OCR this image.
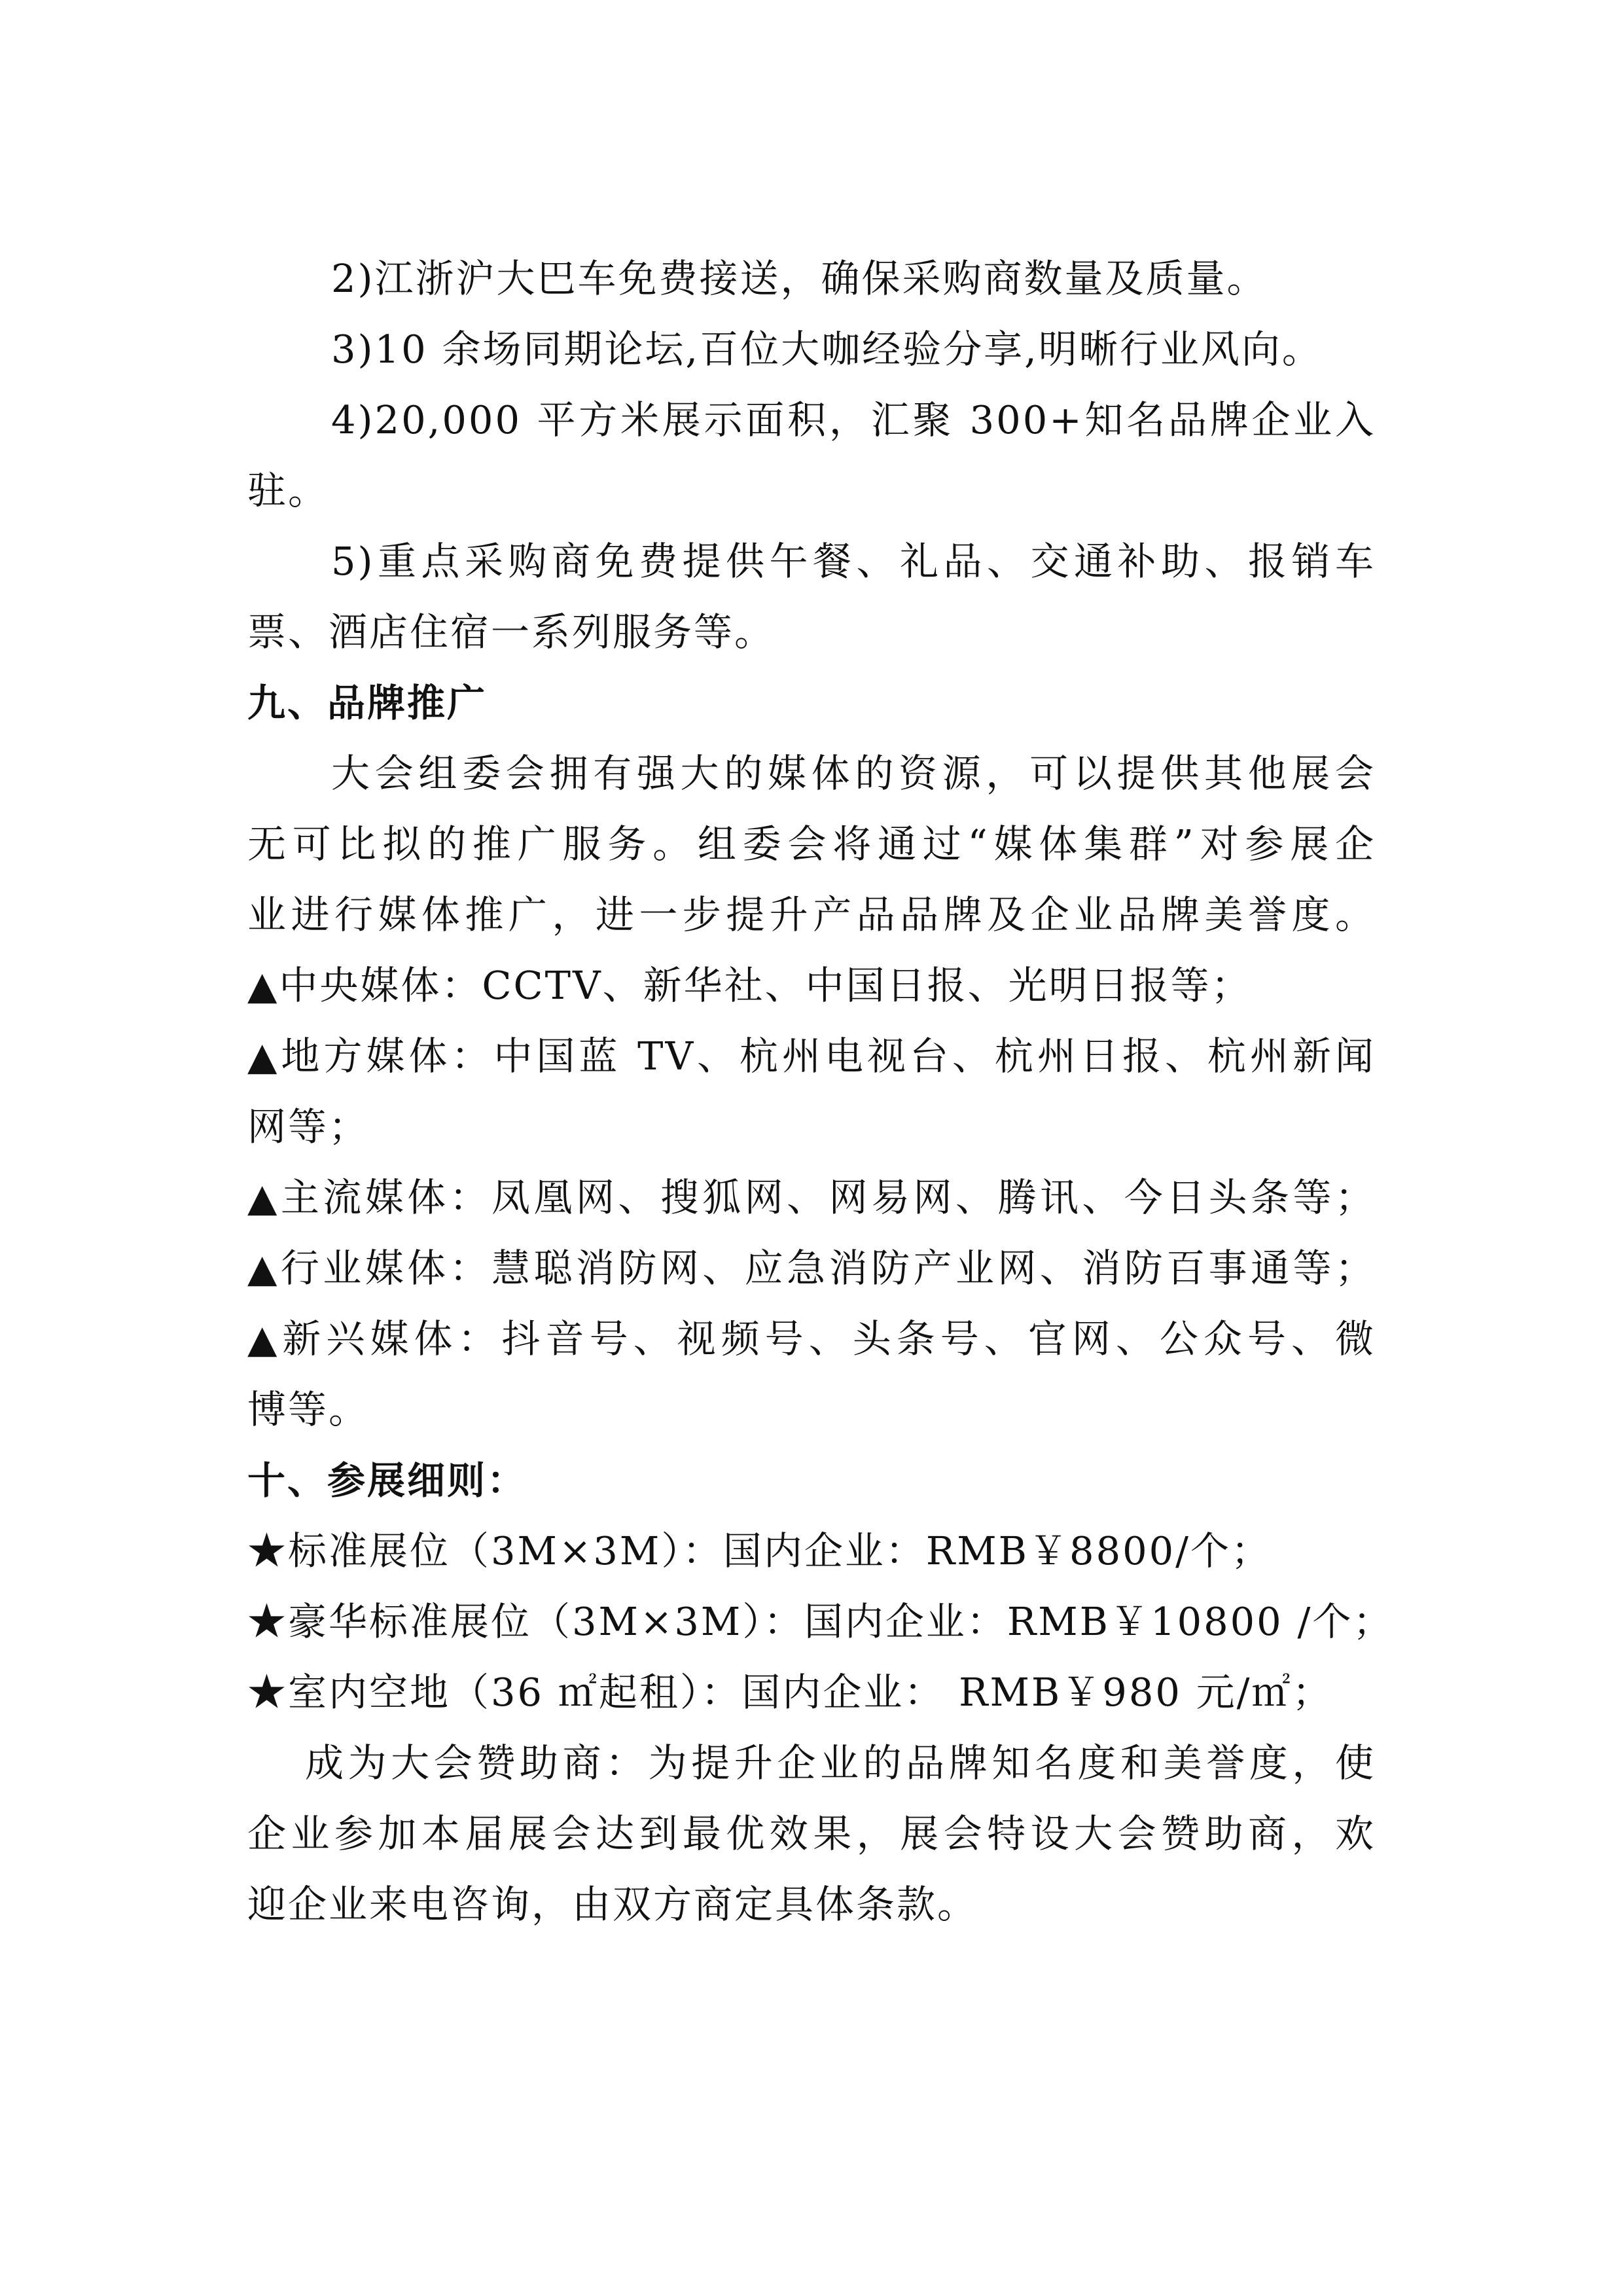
2)江浙沪大巴车免费接送，确保采购商数量及质量。
3)10 余场同期论坛,百位大咖经验分享,明晰行业风向。
4)20,000 平方米展示面积，汇聚 300+知名品牌企业入
驻。
5)重点采购商免费提供午餐、礼品、交通补助、报销车
票、酒店住宿一系列服务等。
九、品牌推广
大会组委会拥有强大的媒体的资源，可以提供其他展会
无可比拟的推广服务。组委会将通过“媒体集群”对参展企
业进行媒体推广，进一步提升产品品牌及企业品牌美誉度。
▲中央媒体：CCTV、新华社、中国日报、光明日报等；
▲地方媒体：中国蓝 TV、杭州电视台、杭州日报、杭州新闻
网等；
▲主流媒体：凤凰网、搜狐网、网易网、腾讯、今日头条等；
▲行业媒体：慧聪消防网、应急消防产业网、消防百事通等；
▲新兴媒体：抖音号、视频号、头条号、官网、公众号、微
博等。
十、参展细则：
★标准展位（3M×3M）：国内企业：RMB￥8800/个；
★豪华标准展位（3M×3M）：国内企业：RMB￥10800 /个；
★室内空地（36 ㎡起租）：国内企业： RMB￥980 元/㎡；
成为大会赞助商：为提升企业的品牌知名度和美誉度，使
企业参加本届展会达到最优效果，展会特设大会赞助商，欢
迎企业来电咨询，由双方商定具体条款。
